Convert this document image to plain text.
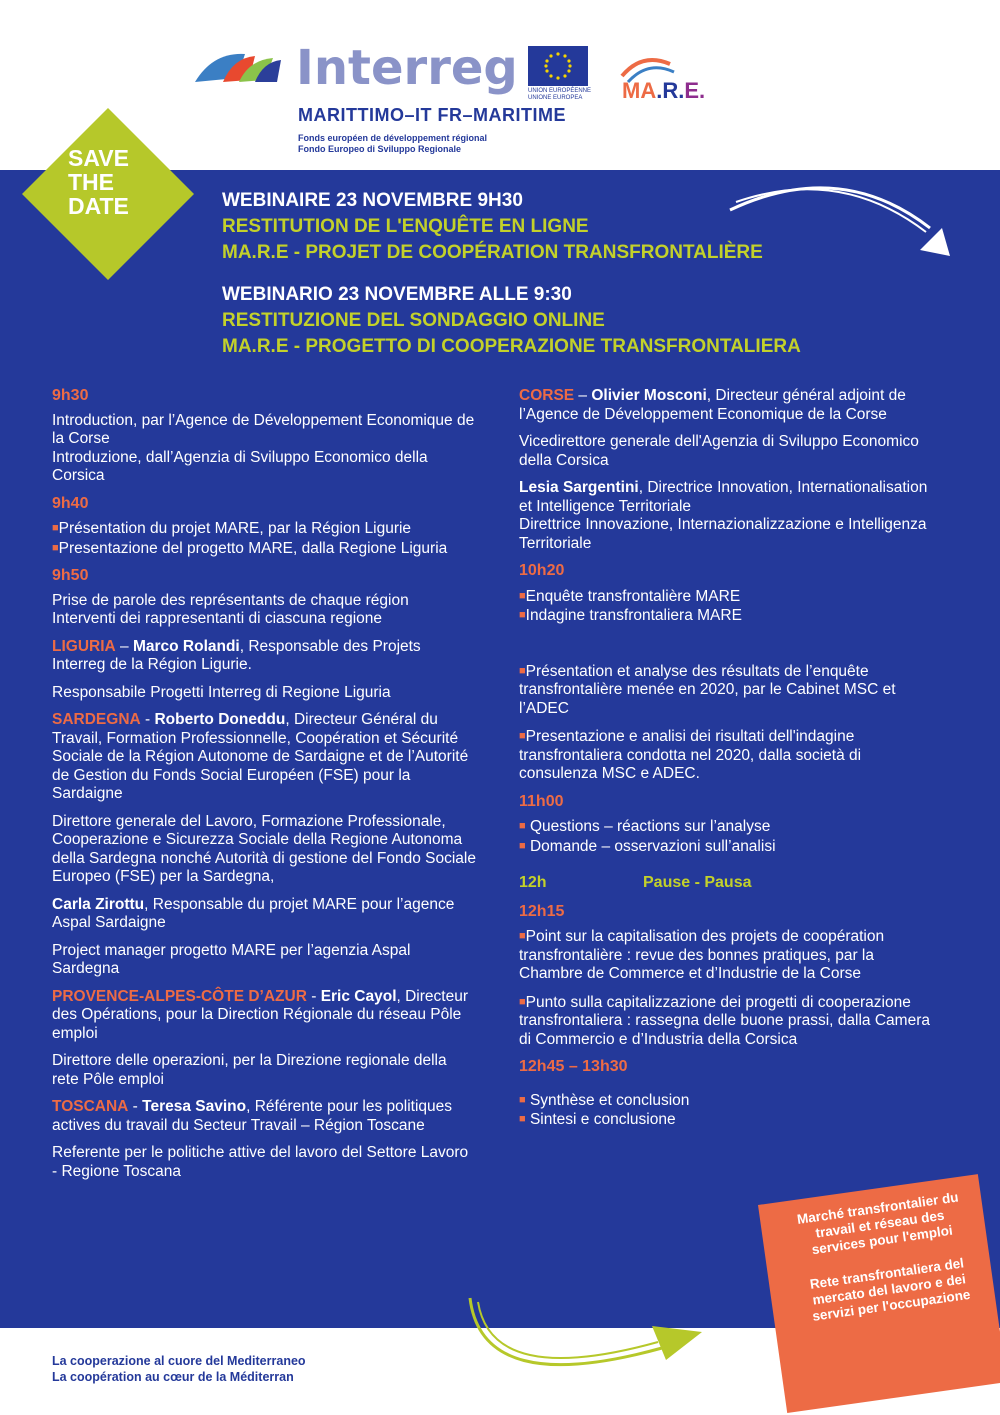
Interreg UNION EUROPÉENNE
UNIONE EUROPEA
MARITTIMO–IT FR–MARITIME
Fonds européen de développement régional
Fondo Europeo di Sviluppo Regionale
MA.R.E.
SAVE
THE
DATE	WEBINAIRE 23 NOVEMBRE 9H30
RESTITUTION DE L'ENQUÊTE EN LIGNE
MA.R.E - PROJET DE COOPÉRATION TRANSFRONTALIÈRE
WEBINARIO 23 NOVEMBRE ALLE 9:30
RESTITUZIONE DEL SONDAGGIO ONLINE
MA.R.E - PROGETTO DI COOPERAZIONE TRANSFRONTALIERA
9h30

Introduction, par l’Agence de Développement Economique de la Corse
Introduzione, dall’Agenzia di Sviluppo Economico della Corsica

9h40

■Présentation du projet MARE, par la Région Ligurie
■Presentazione del progetto MARE, dalla Regione Liguria

9h50

Prise de parole des représentants de chaque région
Interventi dei rappresentanti di ciascuna regione

LIGURIA – Marco Rolandi, Responsable des Projets Interreg de la Région Ligurie.

Responsabile Progetti Interreg di Regione Liguria

SARDEGNA - Roberto Doneddu, Directeur Général du Travail, Formation Professionnelle, Coopération et Sécurité Sociale de la Région Autonome de Sardaigne et de l’Autorité de Gestion du Fonds Social Européen (FSE) pour la Sardaigne

Direttore generale del Lavoro, Formazione Professionale, Cooperazione e Sicurezza Sociale della Regione Autonoma della Sardegna nonché Autorità di gestione del Fondo Sociale Europeo (FSE) per la Sardegna,

Carla Zirottu, Responsable du projet MARE pour l’agence Aspal Sardaigne

Project manager progetto MARE per l’agenzia Aspal Sardegna

PROVENCE-ALPES-CÔTE D’AZUR - Eric Cayol, Directeur des Opérations, pour la Direction Régionale du réseau Pôle emploi

Direttore delle operazioni, per la Direzione regionale della rete Pôle emploi

TOSCANA - Teresa Savino, Référente pour les politiques actives du travail du Secteur Travail – Région Toscane

Referente per le politiche attive del lavoro del Settore Lavoro - Regione Toscana

CORSE – Olivier Mosconi, Directeur général adjoint de l’Agence de Développement Economique de la Corse

Vicedirettore generale dell'Agenzia di Sviluppo Economico della Corsica

Lesia Sargentini, Directrice Innovation, Internationalisation et Intelligence Territoriale
Direttrice Innovazione, Internazionalizzazione e Intelligenza Territoriale

10h20

■Enquête transfrontalière MARE
■Indagine transfrontaliera MARE

■Présentation et analyse des résultats de l’enquête transfrontalière menée en 2020, par le Cabinet MSC et l’ADEC

■Presentazione e analisi dei risultati dell'indagine transfrontaliera condotta nel 2020, dalla società di consulenza MSC e ADEC.

11h00

■ Questions – réactions sur l’analyse
■ Domande – osservazioni sull’analisi

12h	Pause - Pausa
12h15

■Point sur la capitalisation des projets de coopération transfrontalière : revue des bonnes pratiques, par la Chambre de Commerce et d’Industrie de la Corse

■Punto sulla capitalizzazione dei progetti di cooperazione transfrontaliera : rassegna delle buone prassi, dalla Camera di Commercio e d’Industria della Corsica

12h45 – 13h30

■ Synthèse et conclusion
■ Sintesi e conclusione

Marché transfrontalier du travail et réseau des services pour l'emploi

Rete transfrontaliera del mercato del lavoro e dei servizi per l'occupazione

La cooperazione al cuore del Mediterraneo
La coopération au cœur de la Méditerran
